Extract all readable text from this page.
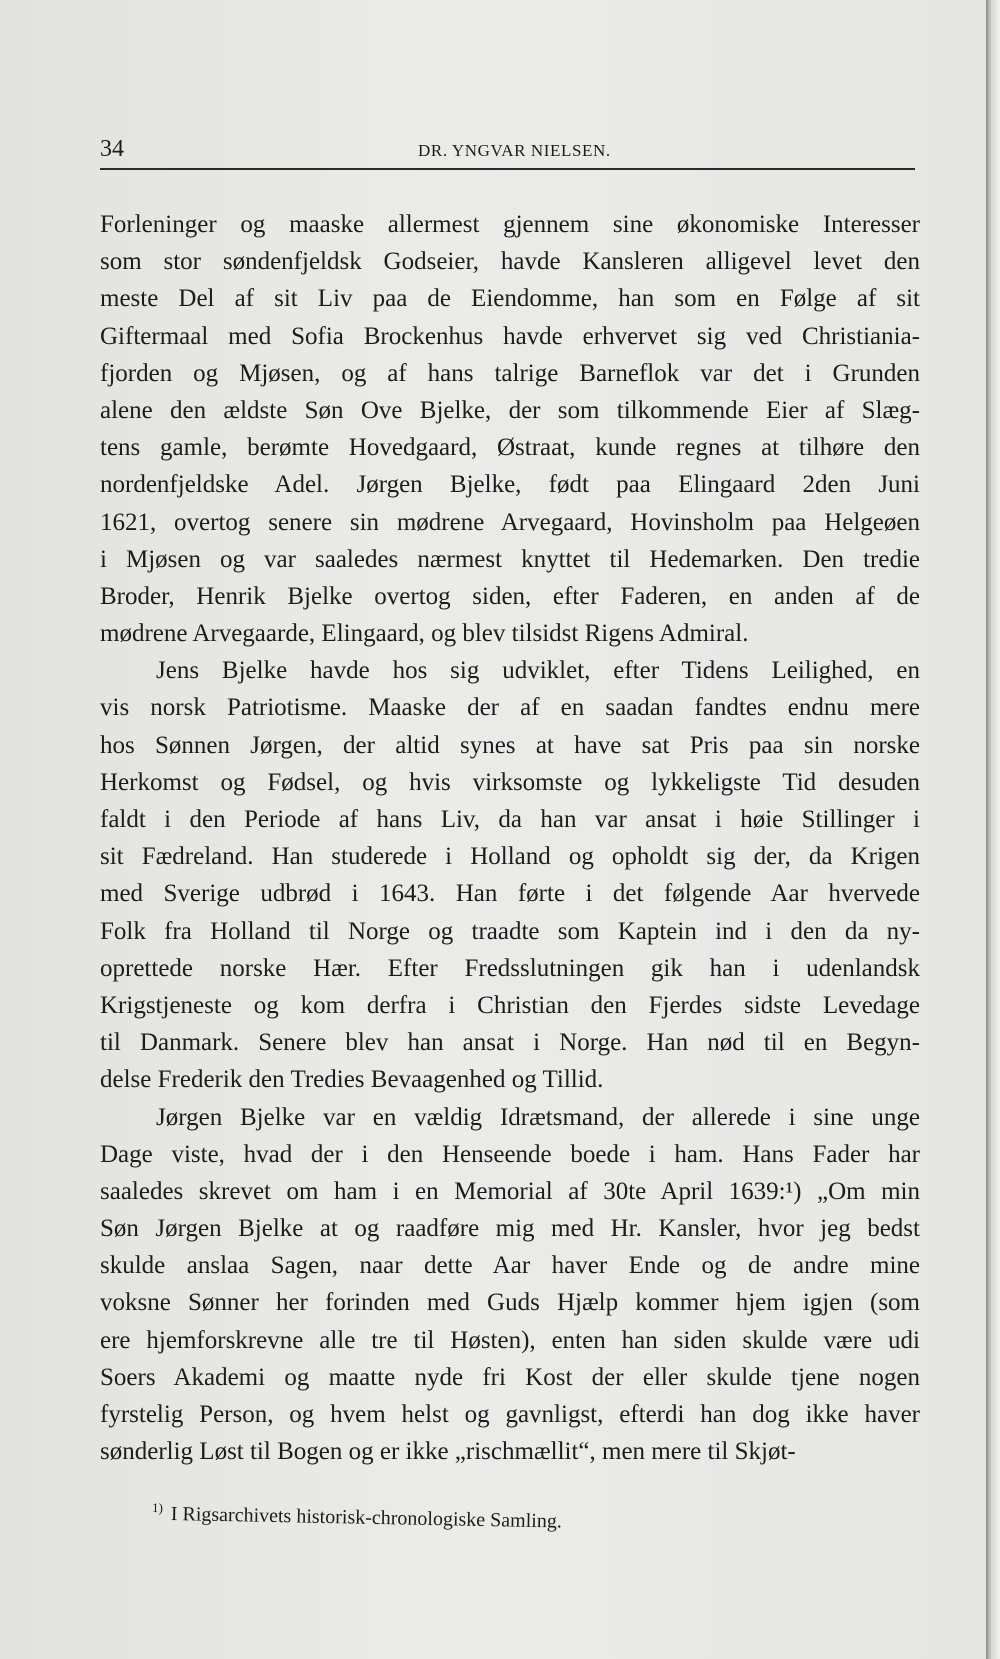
34	DR. YNGVAR NIELSEN.
Forleninger og maaske allermest gjennem sine økonomiske Interesser
som stor søndenfjeldsk Godseier, havde Kansleren alligevel levet den
meste Del af sit Liv paa de Eiendomme, han som en Følge af sit
Giftermaal med Sofia Brockenhus havde erhvervet sig ved Christiania-
fjorden og Mjøsen, og af hans talrige Barneflok var det i Grunden
alene den ældste Søn Ove Bjelke, der som tilkommende Eier af Slæg-
tens gamle, berømte Hovedgaard, Østraat, kunde regnes at tilhøre den
nordenfjeldske Adel. Jørgen Bjelke, født paa Elingaard 2den Juni
1621, overtog senere sin mødrene Arvegaard, Hovinsholm paa Helgeøen
i Mjøsen og var saaledes nærmest knyttet til Hedemarken. Den tredie
Broder, Henrik Bjelke overtog siden, efter Faderen, en anden af de
mødrene Arvegaarde, Elingaard, og blev tilsidst Rigens Admiral.
Jens Bjelke havde hos sig udviklet, efter Tidens Leilighed, en
vis norsk Patriotisme. Maaske der af en saadan fandtes endnu mere
hos Sønnen Jørgen, der altid synes at have sat Pris paa sin norske
Herkomst og Fødsel, og hvis virksomste og lykkeligste Tid desuden
faldt i den Periode af hans Liv, da han var ansat i høie Stillinger i
sit Fædreland. Han studerede i Holland og opholdt sig der, da Krigen
med Sverige udbrød i 1643. Han førte i det følgende Aar hvervede
Folk fra Holland til Norge og traadte som Kaptein ind i den da ny-
oprettede norske Hær. Efter Fredsslutningen gik han i udenlandsk
Krigstjeneste og kom derfra i Christian den Fjerdes sidste Levedage
til Danmark. Senere blev han ansat i Norge. Han nød til en Begyn-
delse Frederik den Tredies Bevaagenhed og Tillid.
Jørgen Bjelke var en vældig Idrætsmand, der allerede i sine unge
Dage viste, hvad der i den Henseende boede i ham. Hans Fader har
saaledes skrevet om ham i en Memorial af 30te April 1639:¹) „Om min
Søn Jørgen Bjelke at og raadføre mig med Hr. Kansler, hvor jeg bedst
skulde anslaa Sagen, naar dette Aar haver Ende og de andre mine
voksne Sønner her forinden med Guds Hjælp kommer hjem igjen (som
ere hjemforskrevne alle tre til Høsten), enten han siden skulde være udi
Soers Akademi og maatte nyde fri Kost der eller skulde tjene nogen
fyrstelig Person, og hvem helst og gavnligst, efterdi han dog ikke haver
sønderlig Løst til Bogen og er ikke „rischmællit“, men mere til Skjøt-
$^{1)}$ I Rigsarchivets historisk-chronologiske Samling.
